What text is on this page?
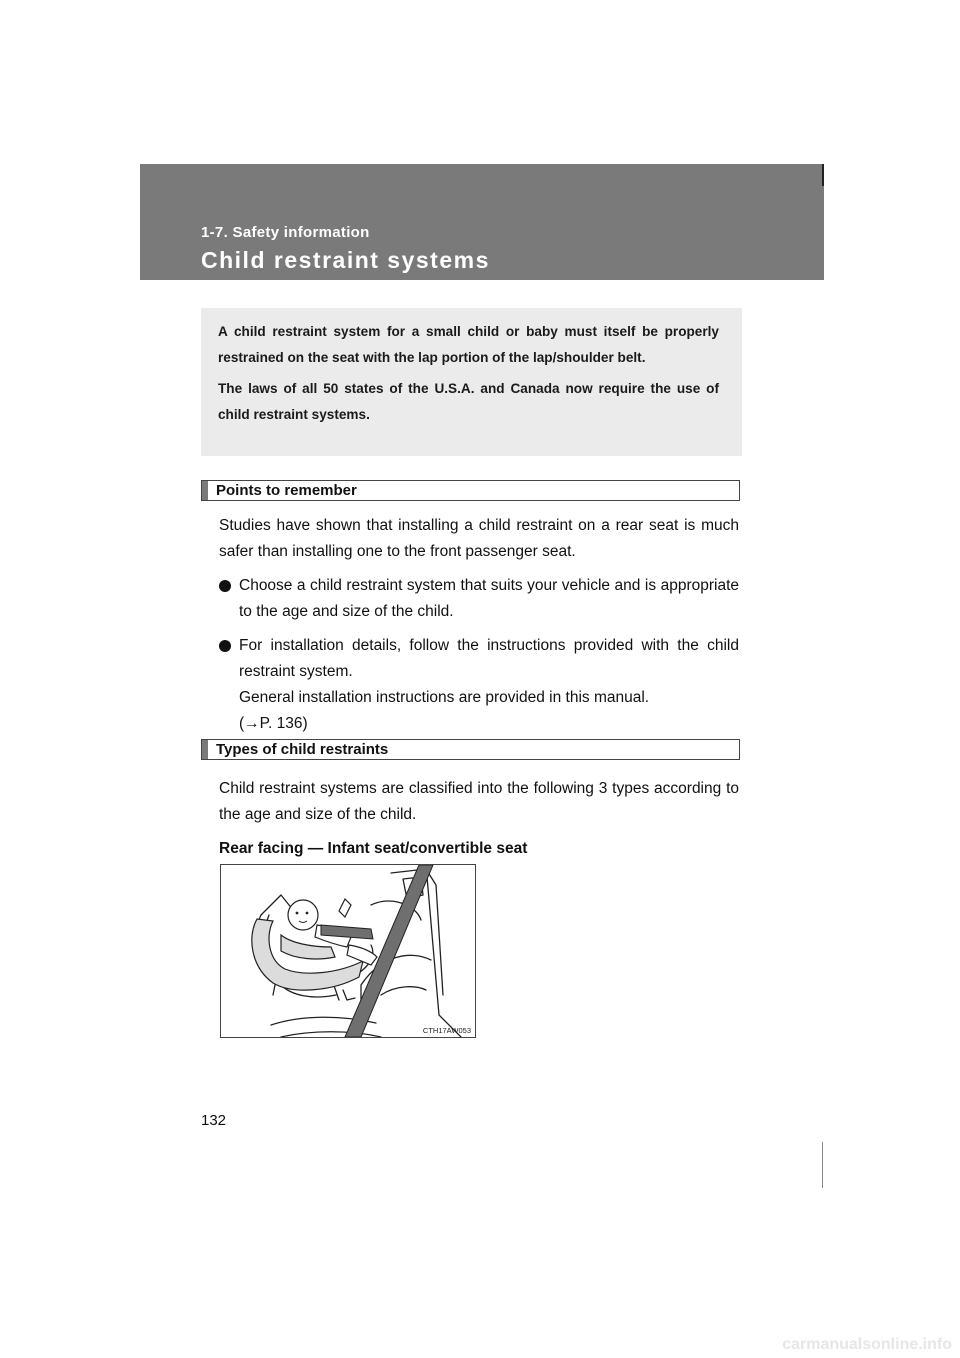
1-7. Safety information
Child restraint systems

A child restraint system for a small child or baby must itself be properly restrained on the seat with the lap portion of the lap/shoulder belt.

The laws of all 50 states of the U.S.A. and Canada now require the use of child restraint systems.

Points to remember

Studies have shown that installing a child restraint on a rear seat is much safer than installing one to the front passenger seat.

Choose a child restraint system that suits your vehicle and is appropriate to the age and size of the child.

For installation details, follow the instructions provided with the child restraint system.

General installation instructions are provided in this manual.

(→P. 136)

Types of child restraints

Child restraint systems are classified into the following 3 types according to the age and size of the child.

Rear facing — Infant seat/convertible seat

CTH17AW053
132
carmanualsonline.info
